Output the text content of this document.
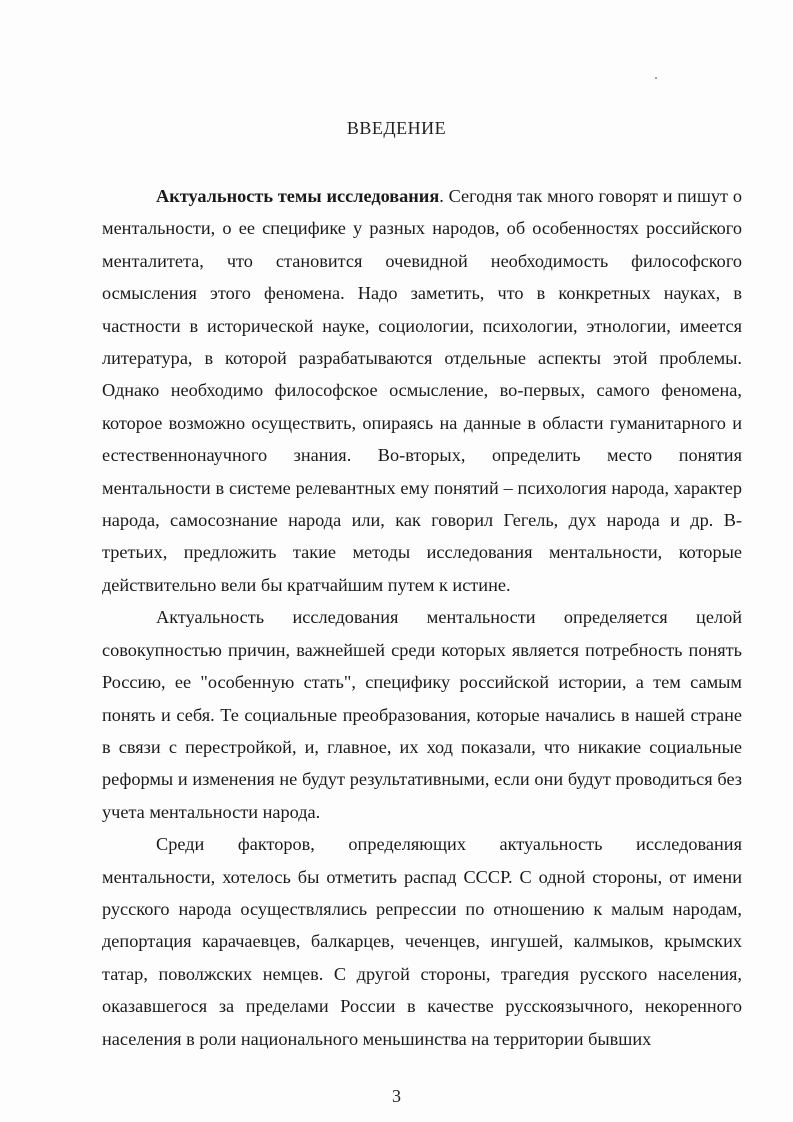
ВВЕДЕНИЕ

Актуальность темы исследования. Сегодня так много говорят и пишут о ментальности, о ее специфике у разных народов, об особенностях российского менталитета, что становится очевидной необходимость философского осмысления этого феномена. Надо заметить, что в конкретных науках, в частности в исторической науке, социологии, психологии, этнологии, имеется литература, в которой разрабатываются отдельные аспекты этой проблемы. Однако необходимо философское осмысление, во-первых, самого феномена, которое возможно осуществить, опираясь на данные в области гуманитарного и естественнонаучного знания. Во-вторых, определить место понятия ментальности в системе релевантных ему понятий – психология народа, характер народа, самосознание народа или, как говорил Гегель, дух народа и др. В-третьих, предложить такие методы исследования ментальности, которые действительно вели бы кратчайшим путем к истине.

Актуальность исследования ментальности определяется целой совокупностью причин, важнейшей среди которых является потребность понять Россию, ее "особенную стать", специфику российской истории, а тем самым понять и себя. Те социальные преобразования, которые начались в нашей стране в связи с перестройкой, и, главное, их ход показали, что никакие социальные реформы и изменения не будут результативными, если они будут проводиться без учета ментальности народа.

Среди факторов, определяющих актуальность исследования ментальности, хотелось бы отметить распад СССР. С одной стороны, от имени русского народа осуществлялись репрессии по отношению к малым народам, депортация карачаевцев, балкарцев, чеченцев, ингушей, калмыков, крымских татар, поволжских немцев. С другой стороны, трагедия русского населения, оказавшегося за пределами России в качестве русскоязычного, некоренного населения в роли национального меньшинства на территории бывших

3
